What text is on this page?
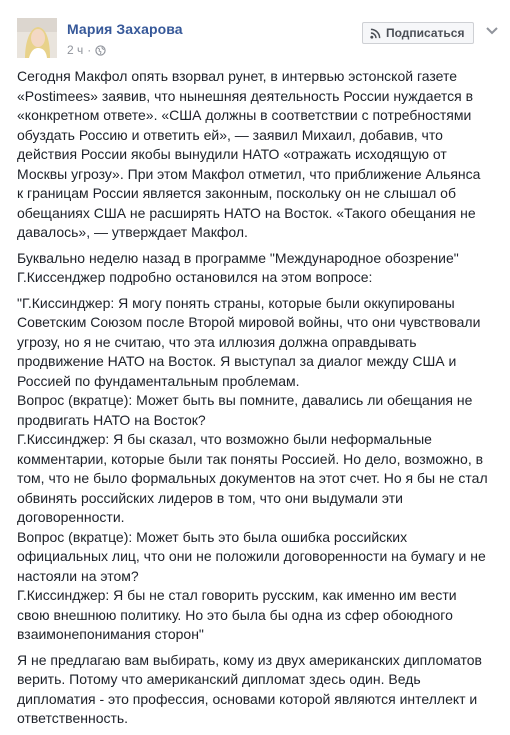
Мария Захарова
2 ч ·
Подписаться

Сегодня Макфол опять взорвал рунет, в интервью эстонской газете
«Postimees» заявив, что нынешняя деятельность России нуждается в
«конкретном ответе». «США должны в соответствии с потребностями
обуздать Россию и ответить ей», — заявил Михаил, добавив, что
действия России якобы вынудили НАТО «отражать исходящую от
Москвы угрозу». При этом Макфол отметил, что приближение Альянса
к границам России является законным, поскольку он не слышал об
обещаниях США не расширять НАТО на Восток. «Такого обещания не
давалось», — утверждает Макфол.

Буквально неделю назад в программе "Международное обозрение"
Г.Киссенджер подробно остановился на этом вопросе:

"Г.Киссинджер: Я могу понять страны, которые были оккупированы
Советским Союзом после Второй мировой войны, что они чувствовали
угрозу, но я не считаю, что эта иллюзия должна оправдывать
продвижение НАТО на Восток. Я выступал за диалог между США и
Россией по фундаментальным проблемам.
Вопрос (вкратце): Может быть вы помните, давались ли обещания не
продвигать НАТО на Восток?
Г.Киссинджер: Я бы сказал, что возможно были неформальные
комментарии, которые были так поняты Россией. Но дело, возможно, в
том, что не было формальных документов на этот счет. Но я бы не стал
обвинять российских лидеров в том, что они выдумали эти
договоренности.
Вопрос (вкратце): Может быть это была ошибка российских
официальных лиц, что они не положили договоренности на бумагу и не
настояли на этом?
Г.Киссинджер: Я бы не стал говорить русским, как именно им вести
свою внешнюю политику. Но это была бы одна из сфер обоюдного
взаимонепонимания сторон"

Я не предлагаю вам выбирать, кому из двух американских дипломатов
верить. Потому что американский дипломат здесь один. Ведь
дипломатия - это профессия, основами которой являются интеллект и
ответственность.
